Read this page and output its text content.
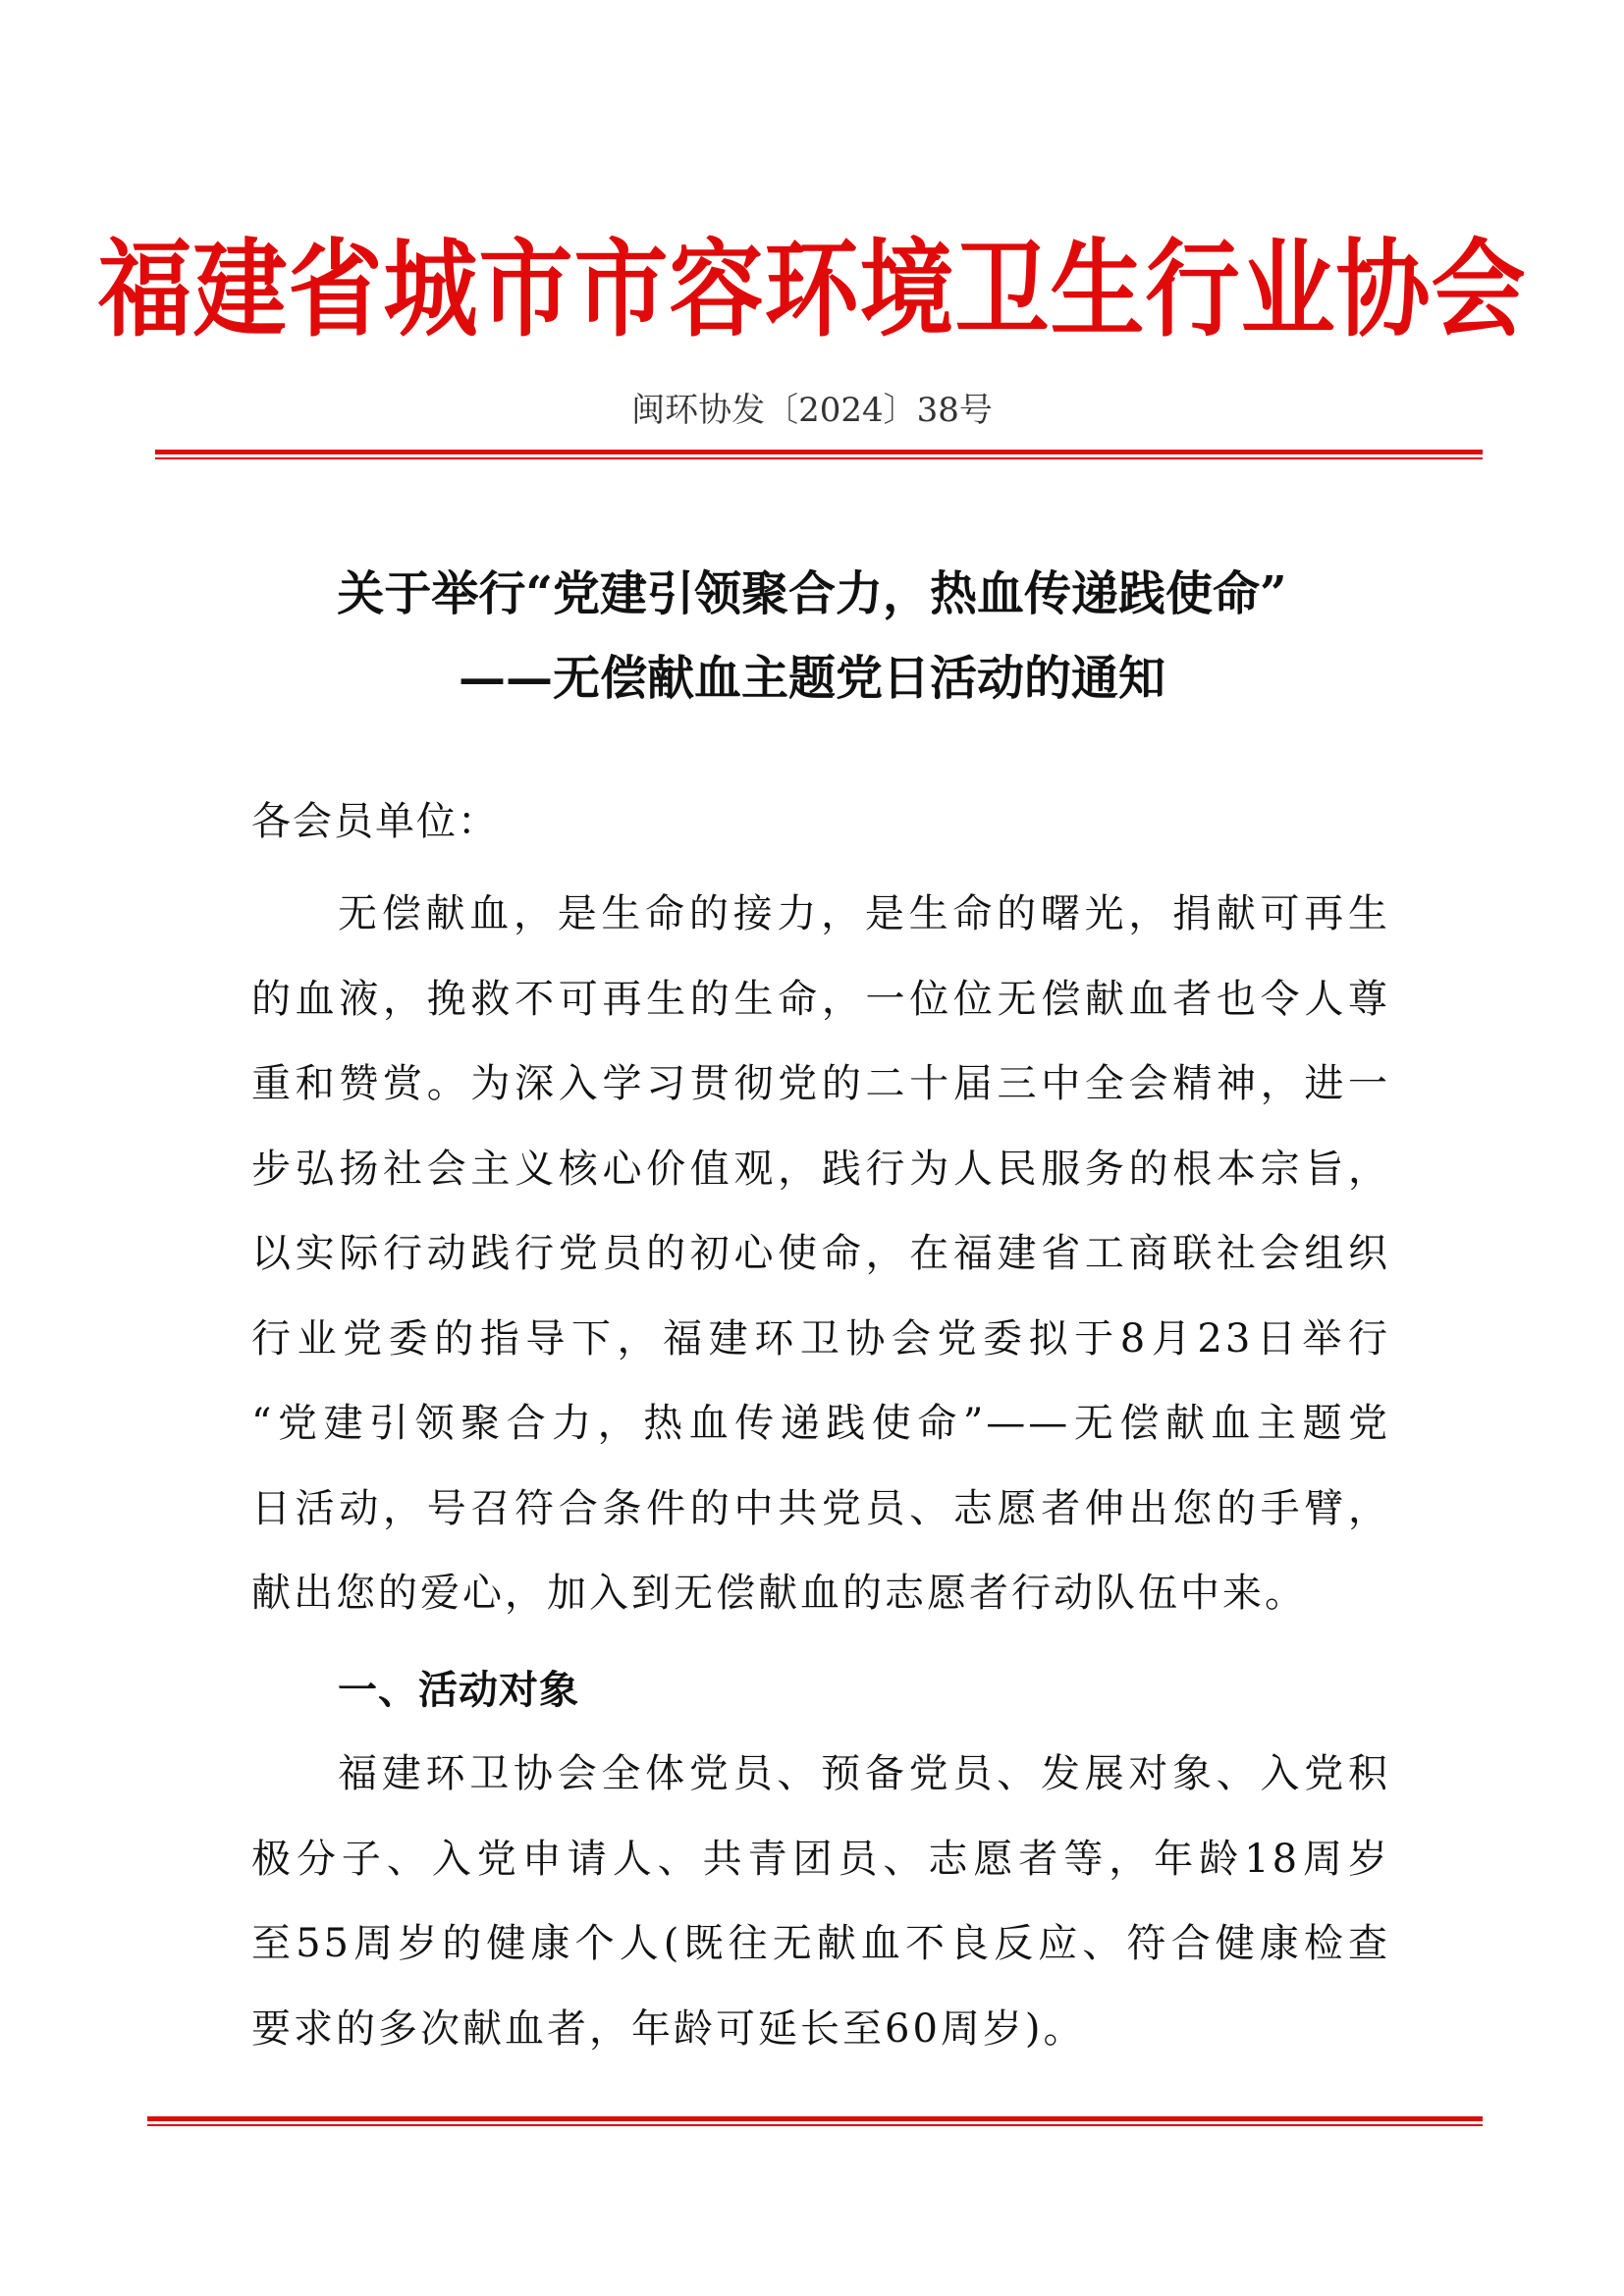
福建省城市市容环境卫生行业协会
闽环协发〔2024〕38号
关于举行“党建引领聚合力，热血传递践使命”
——无偿献血主题党日活动的通知
各会员单位：
无偿献血，是生命的接力，是生命的曙光，捐献可再生
的血液，挽救不可再生的生命，一位位无偿献血者也令人尊
重和赞赏。为深入学习贯彻党的二十届三中全会精神，进一
步弘扬社会主义核心价值观，践行为人民服务的根本宗旨，
以实际行动践行党员的初心使命，在福建省工商联社会组织
行业党委的指导下，福建环卫协会党委拟于8月23日举行
“党建引领聚合力，热血传递践使命”——无偿献血主题党
日活动，号召符合条件的中共党员、志愿者伸出您的手臂，
献出您的爱心，加入到无偿献血的志愿者行动队伍中来。
一、活动对象
福建环卫协会全体党员、预备党员、发展对象、入党积
极分子、入党申请人、共青团员、志愿者等，年龄18周岁
至55周岁的健康个人(既往无献血不良反应、符合健康检查
要求的多次献血者，年龄可延长至60周岁)。
